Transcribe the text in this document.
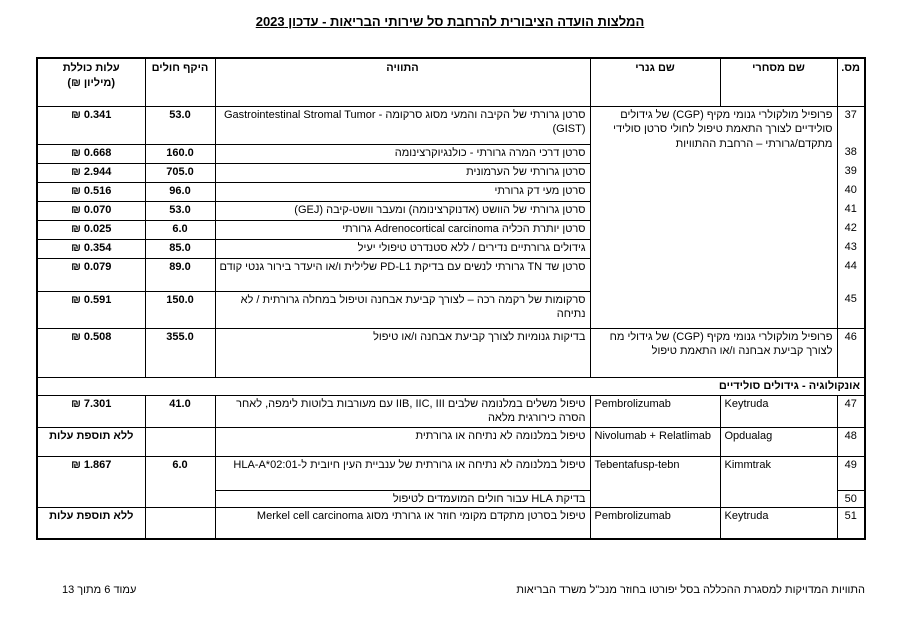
המלצות הועדה הציבורית להרחבת סל שירותי הבריאות - עדכון 2023
מס.	שם מסחרי	שם גנרי	התוויה	היקף חולים	עלות כוללת
(מיליון ₪)

37	פרופיל מולקולרי גנומי מקיף (CGP) של גידולים סולידיים לצורך התאמת טיפול לחולי סרטן סולידי מתקדם/גרורתי – הרחבת ההתוויות		סרטן גרורתי של הקיבה והמעי מסוג סרקומה - Gastrointestinal Stromal Tumor (GIST)	53.0	0.341 ₪
38			סרטן דרכי המרה גרורתי - כולנגיוקרצינומה	160.0	0.668 ₪
39			סרטן גרורתי של הערמונית	705.0	2.944 ₪
40			סרטן מעי דק גרורתי	96.0	0.516 ₪
41			סרטן גרורתי של הוושט (אדנוקרצינומה) ומעבר וושט-קיבה (GEJ)	53.0	0.070 ₪
42			סרטן יותרת הכליה Adrenocortical carcinoma גרורתי	6.0	0.025 ₪
43			גידולים גרורתיים נדירים / ללא סטנדרט טיפולי יעיל	85.0	0.354 ₪
44			סרטן שד TN גרורתי לנשים עם בדיקת PD-L1 שלילית ו/או היעדר בירור גנטי קודם	89.0	0.079 ₪
45			סרקומות של רקמה רכה – לצורך קביעת אבחנה וטיפול במחלה גרורתית / לא נתיחה	150.0	0.591 ₪
46	פרופיל מולקולרי גנומי מקיף (CGP) של גידולי מח לצורך קביעת אבחנה ו/או התאמת טיפול		בדיקות גנומיות לצורך קביעת אבחנה ו/או טיפול	355.0	0.508 ₪
אונקולוגיה - גידולים סולידיים					
47	Keytruda	Pembrolizumab	טיפול משלים במלנומה שלבים IIB, IIC, III עם מעורבות בלוטות לימפה, לאחר הסרה כירורגית מלאה	41.0	7.301 ₪
48	Opdualag	Nivolumab + Relatlimab	טיפול במלנומה לא נתיחה או גרורתית		ללא תוספת עלות
49	Kimmtrak	Tebentafusp-tebn	טיפול במלנומה לא נתיחה או גרורתית של ענביית העין חיובית ל-HLA-A*02:01	6.0	1.867 ₪
50			בדיקת HLA עבור חולים המועמדים לטיפול		
51	Keytruda	Pembrolizumab	טיפול בסרטן מתקדם מקומי חוזר או גרורתי מסוג Merkel cell carcinoma		ללא תוספת עלות
התוויות המדויקות למסגרת ההכללה בסל יפורטו בחוזר מנכ"ל משרד הבריאות
עמוד 6 מתוך 13
